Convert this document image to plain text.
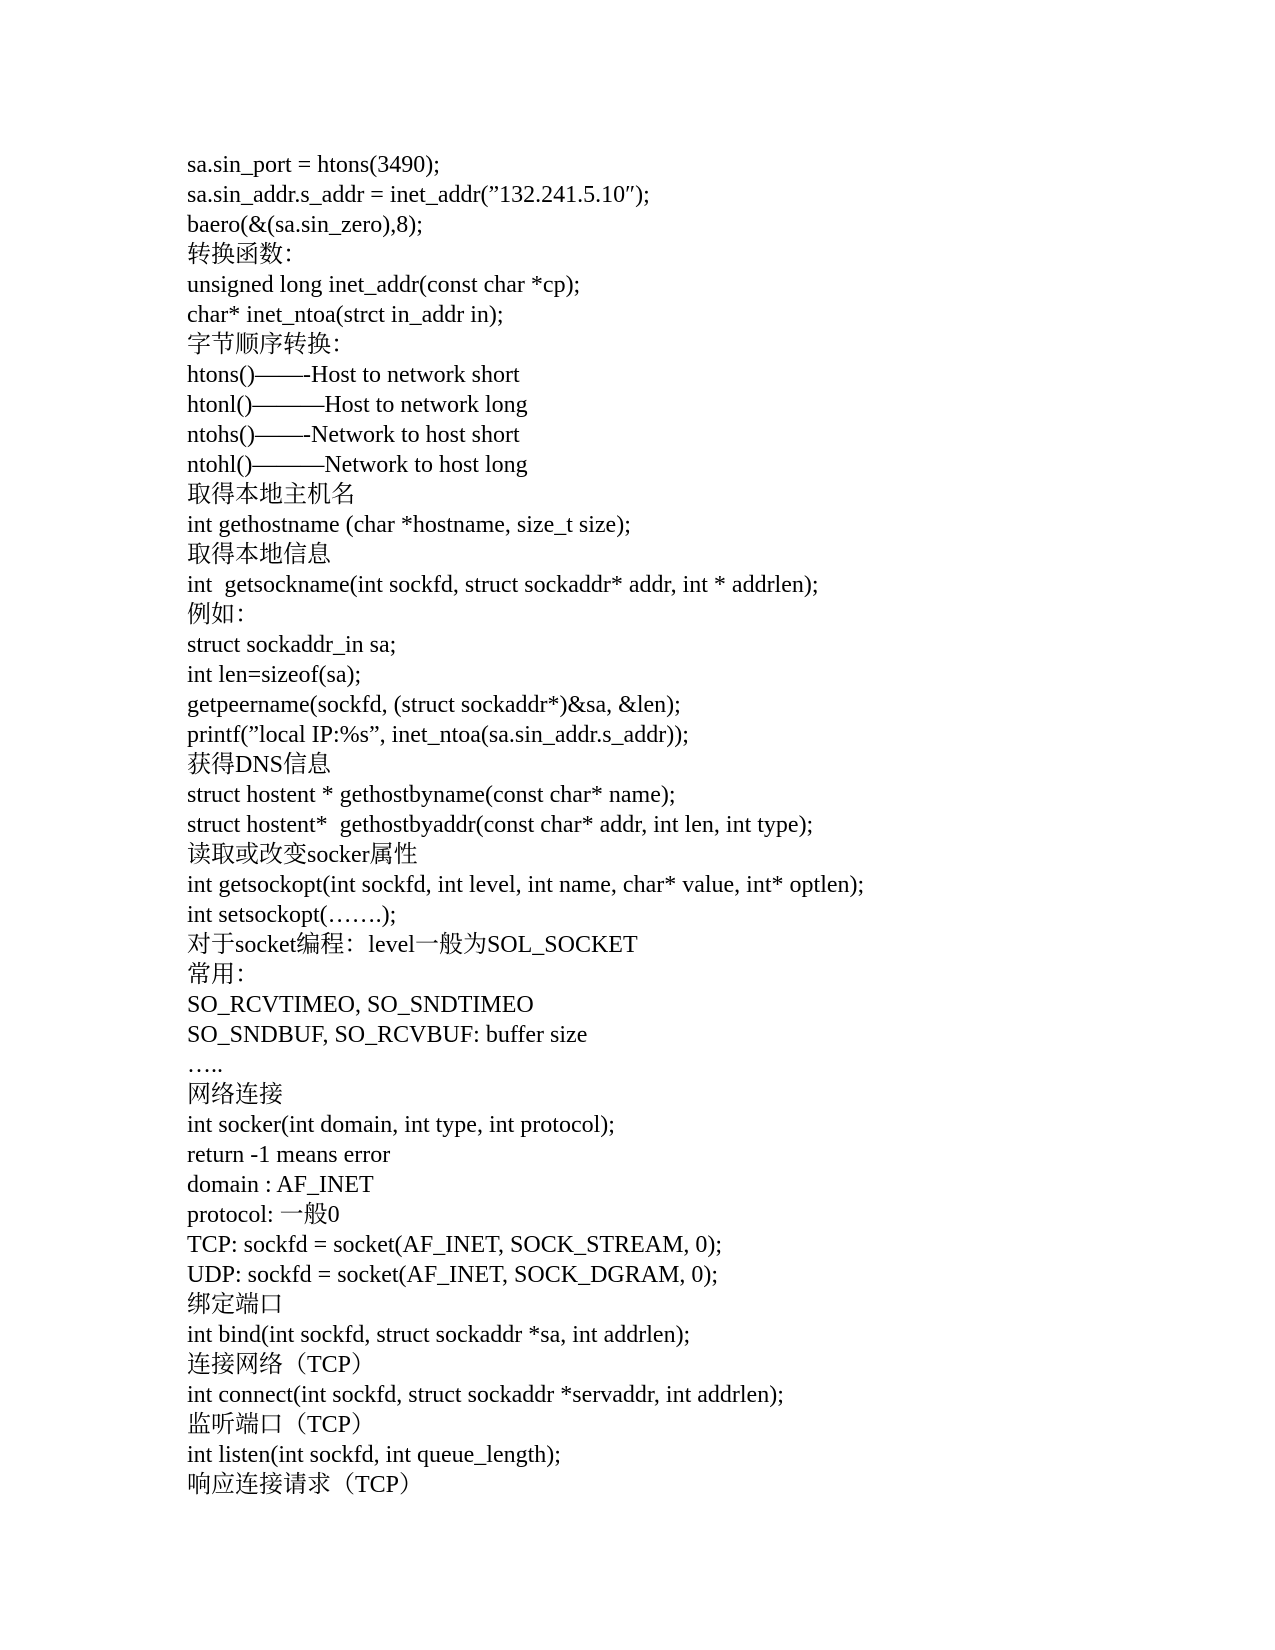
sa.sin_port = htons(3490);
sa.sin_addr.s_addr = inet_addr(”132.241.5.10″);
baero(&(sa.sin_zero),8);
转换函数：
unsigned long inet_addr(const char *cp);
char* inet_ntoa(strct in_addr in);
字节顺序转换：
htons()——-Host to network short
htonl()———Host to network long
ntohs()——-Network to host short
ntohl()———Network to host long
取得本地主机名
int gethostname (char *hostname, size_t size);
取得本地信息
int  getsockname(int sockfd, struct sockaddr* addr, int * addrlen);
例如：
struct sockaddr_in sa;
int len=sizeof(sa);
getpeername(sockfd, (struct sockaddr*)&sa, &len);
printf(”local IP:%s”, inet_ntoa(sa.sin_addr.s_addr));
获得DNS信息
struct hostent * gethostbyname(const char* name);
struct hostent*  gethostbyaddr(const char* addr, int len, int type);
读取或改变socker属性
int getsockopt(int sockfd, int level, int name, char* value, int* optlen);
int setsockopt(…….);
对于socket编程：level一般为SOL_SOCKET
常用：
SO_RCVTIMEO, SO_SNDTIMEO
SO_SNDBUF, SO_RCVBUF: buffer size
…..
网络连接
int socker(int domain, int type, int protocol);
return -1 means error
domain : AF_INET
protocol: 一般0
TCP: sockfd = socket(AF_INET, SOCK_STREAM, 0);
UDP: sockfd = socket(AF_INET, SOCK_DGRAM, 0);
绑定端口
int bind(int sockfd, struct sockaddr *sa, int addrlen);
连接网络（TCP）
int connect(int sockfd, struct sockaddr *servaddr, int addrlen);
监听端口（TCP）
int listen(int sockfd, int queue_length);
响应连接请求（TCP）
